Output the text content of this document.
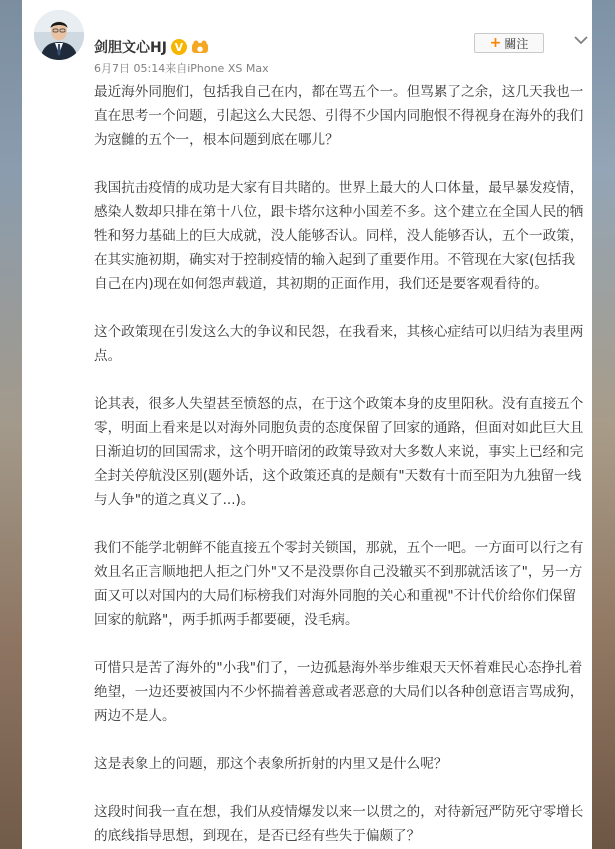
剑胆文心HJ V	●
6月7日 05:14来自iPhone XS Max
+ 關注

最近海外同胞们，包括我自己在内，都在骂五个一。但骂累了之余，这几天我也一直在思考一个问题，引起这么大民怨、引得不少国内同胞恨不得视身在海外的我们为寇雠的五个一，根本问题到底在哪儿？

我国抗击疫情的成功是大家有目共睹的。世界上最大的人口体量，最早暴发疫情，感染人数却只排在第十八位，跟卡塔尔这种小国差不多。这个建立在全国人民的牺牲和努力基础上的巨大成就，没人能够否认。同样，没人能够否认，五个一政策，在其实施初期，确实对于控制疫情的输入起到了重要作用。不管现在大家(包括我自己在内)现在如何怨声载道，其初期的正面作用，我们还是要客观看待的。

这个政策现在引发这么大的争议和民怨，在我看来，其核心症结可以归结为表里两点。

论其表，很多人失望甚至愤怒的点，在于这个政策本身的皮里阳秋。没有直接五个零，明面上看来是以对海外同胞负责的态度保留了回家的通路，但面对如此巨大且日渐迫切的回国需求，这个明开暗闭的政策导致对大多数人来说，事实上已经和完全封关停航没区别(题外话，这个政策还真的是颇有"天数有十而至阳为九独留一线与人争"的道之真义了...)。

我们不能学北朝鲜不能直接五个零封关锁国，那就，五个一吧。一方面可以行之有效且名正言顺地把人拒之门外"又不是没票你自己没辙买不到那就活该了"，另一方面又可以对国内的大局们标榜我们对海外同胞的关心和重视"不计代价给你们保留回家的航路"，两手抓两手都要硬，没毛病。

可惜只是苦了海外的"小我"们了，一边孤悬海外举步维艰天天怀着难民心态挣扎着绝望，一边还要被国内不少怀揣着善意或者恶意的大局们以各种创意语言骂成狗，两边不是人。

这是表象上的问题，那这个表象所折射的内里又是什么呢？

这段时间我一直在想，我们从疫情爆发以来一以贯之的，对待新冠严防死守零增长的底线指导思想，到现在，是否已经有些失于偏颇了？
